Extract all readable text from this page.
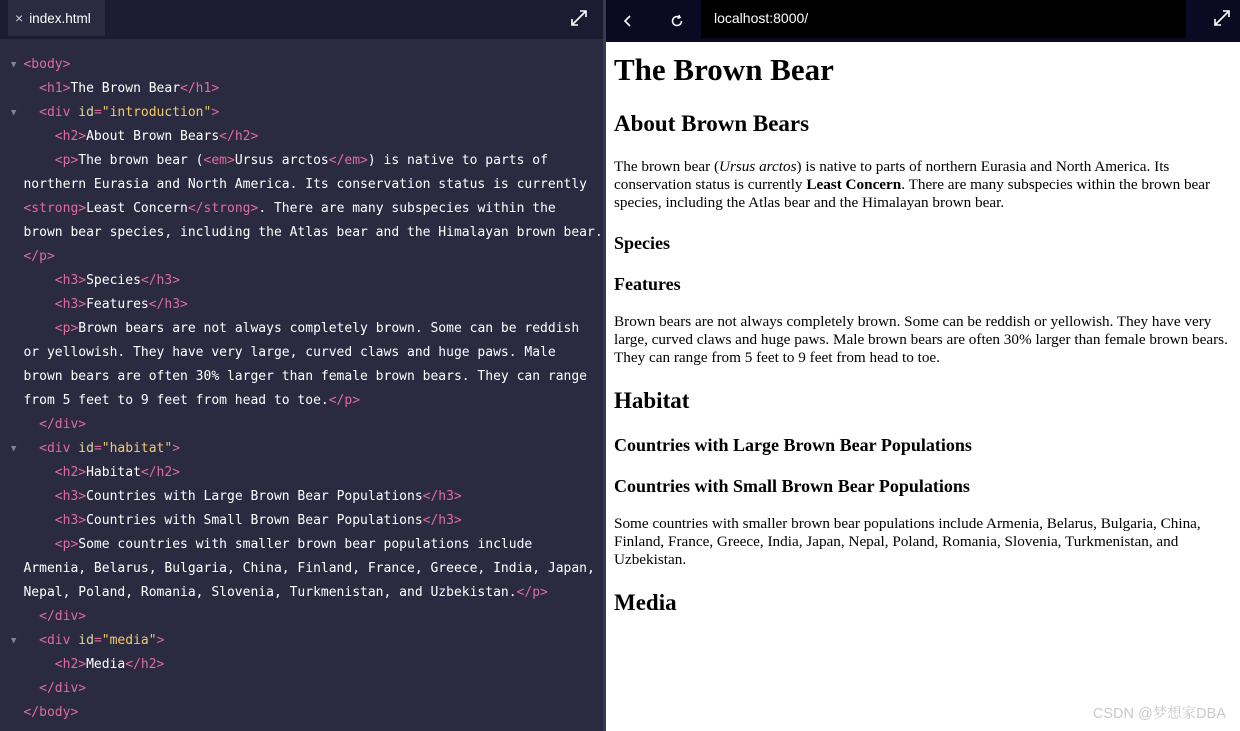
× index.html
▼ <body>
<h1>The Brown Bear</h1>
▼ <div id="introduction">
<h2>About Brown Bears</h2>
<p>The brown bear (<em>Ursus arctos</em>) is native to parts of
northern Eurasia and North America. Its conservation status is currently
<strong>Least Concern</strong>. There are many subspecies within the
brown bear species, including the Atlas bear and the Himalayan brown bear.
</p>
<h3>Species</h3>
<h3>Features</h3>
<p>Brown bears are not always completely brown. Some can be reddish
or yellowish. They have very large, curved claws and huge paws. Male
brown bears are often 30% larger than female brown bears. They can range
from 5 feet to 9 feet from head to toe.</p>
</div>
▼ <div id="habitat">
<h2>Habitat</h2>
<h3>Countries with Large Brown Bear Populations</h3>
<h3>Countries with Small Brown Bear Populations</h3>
<p>Some countries with smaller brown bear populations include
Armenia, Belarus, Bulgaria, China, Finland, France, Greece, India, Japan,
Nepal, Poland, Romania, Slovenia, Turkmenistan, and Uzbekistan.</p>
</div>
▼ <div id="media">
<h2>Media</h2>
</div>
</body>
localhost:8000/
The Brown Bear
About Brown Bears

The brown bear (Ursus arctos) is native to parts of northern Eurasia and North America. Its conservation status is currently Least Concern. There are many subspecies within the brown bear species, including the Atlas bear and the Himalayan brown bear.

Species
Features

Brown bears are not always completely brown. Some can be reddish or yellowish. They have very large, curved claws and huge paws. Male brown bears are often 30% larger than female brown bears. They can range from 5 feet to 9 feet from head to toe.

Habitat
Countries with Large Brown Bear Populations
Countries with Small Brown Bear Populations

Some countries with smaller brown bear populations include Armenia, Belarus, Bulgaria, China, Finland, France, Greece, India, Japan, Nepal, Poland, Romania, Slovenia, Turkmenistan, and Uzbekistan.

Media
CSDN @梦想家DBA
